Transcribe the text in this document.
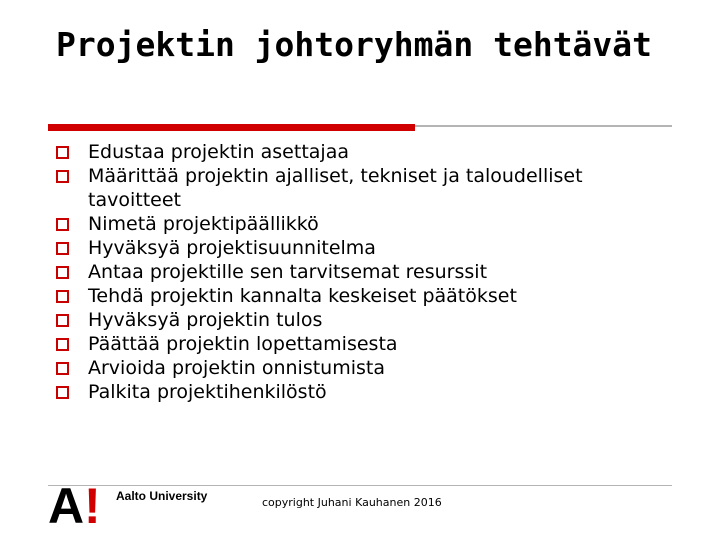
Projektin johtoryhmän tehtävät
Edustaa projektin asettajaa
Määrittää projektin ajalliset, tekniset ja taloudelliset tavoitteet
Nimetä projektipäällikkö
Hyväksyä projektisuunnitelma
Antaa projektille sen tarvitsemat resurssit
Tehdä projektin kannalta keskeiset päätökset
Hyväksyä projektin tulos
Päättää projektin lopettamisesta
Arvioida projektin onnistumista
Palkita projektihenkilöstö
A ! Aalto University	copyright Juhani Kauhanen 2016
